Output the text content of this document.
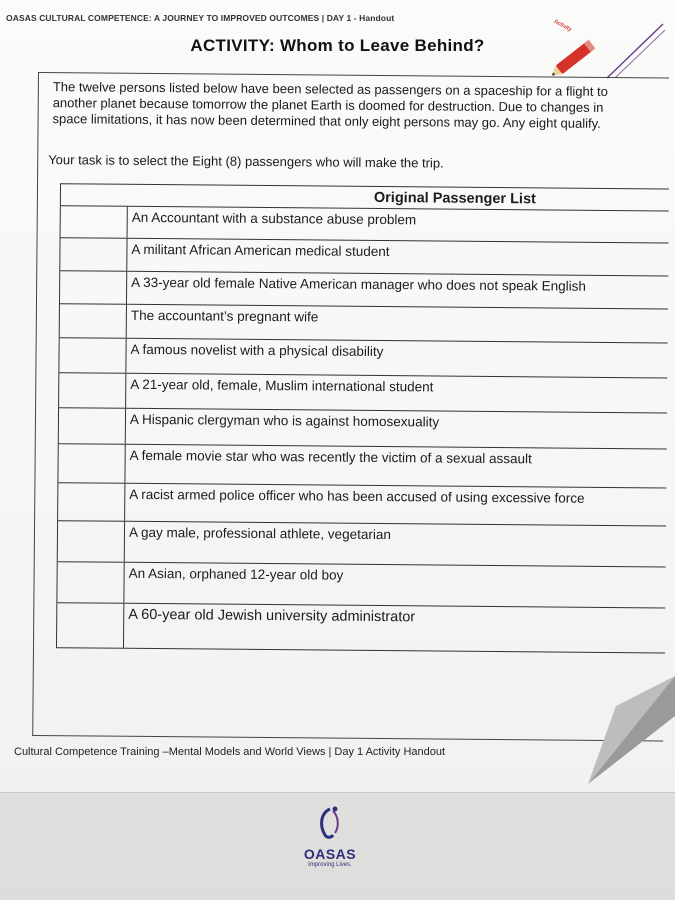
OASAS CULTURAL COMPETENCE: A JOURNEY TO IMPROVED OUTCOMES | DAY 1 - Handout
ACTIVITY: Whom to Leave Behind?
Activity
The twelve persons listed below have been selected as passengers on a spaceship for a flight to another planet because tomorrow the planet Earth is doomed for destruction. Due to changes in space limitations, it has now been determined that only eight persons may go. Any eight qualify.
Your task is to select the Eight (8) passengers who will make the trip.
Original Passenger List
An Accountant with a substance abuse problem
A militant African American medical student
A 33-year old female Native American manager who does not speak English
The accountant’s pregnant wife
A famous novelist with a physical disability
A 21-year old, female, Muslim international student
A Hispanic clergyman who is against homosexuality
A female movie star who was recently the victim of a sexual assault
A racist armed police officer who has been accused of using excessive force
A gay male, professional athlete, vegetarian
An Asian, orphaned 12-year old boy
A 60-year old Jewish university administrator
Cultural Competence Training –Mental Models and World Views | Day 1 Activity Handout
OASAS
Improving Lives.
